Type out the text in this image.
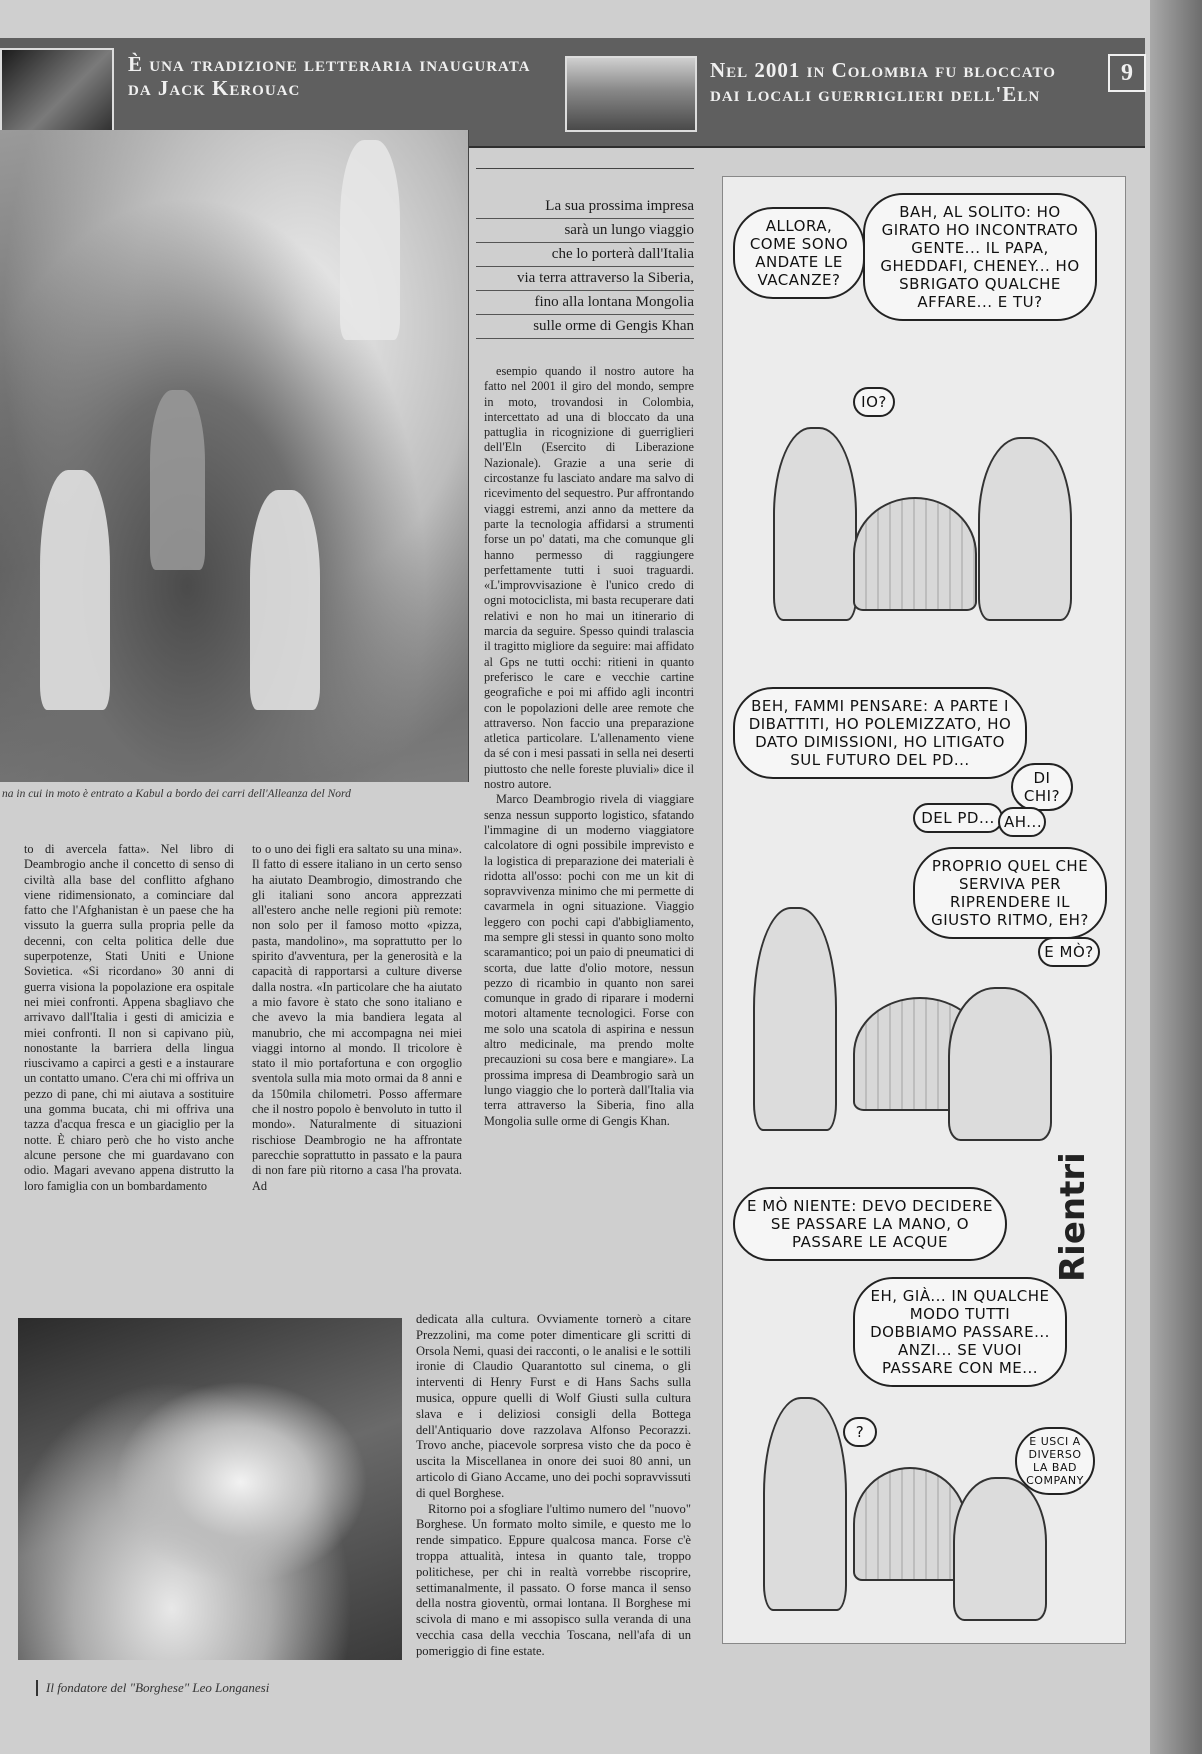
È una tradizione letteraria inaugurata da Jack Kerouac
Nel 2001 in Colombia fu bloccato dai locali guerriglieri dell'Eln
9
na in cui in moto è entrato a Kabul a bordo dei carri dell'Alleanza del Nord
La sua prossima impresa
sarà un lungo viaggio
che lo porterà dall'Italia
via terra attraverso la Siberia,
fino alla lontana Mongolia
sulle orme di Gengis Khan

esempio quando il nostro autore ha fatto nel 2001 il giro del mondo, sempre in moto, trovandosi in Colombia, intercettato ad una di bloccato da una pattuglia in ricognizione di guerriglieri dell'Eln (Esercito di Liberazione Nazionale). Grazie a una serie di circostanze fu lasciato andare ma salvo di ricevimento del sequestro. Pur affrontando viaggi estremi, anzi anno da mettere da parte la tecnologia affidarsi a strumenti forse un po' datati, ma che comunque gli hanno permesso di raggiungere perfettamente tutti i suoi traguardi. «L'improvvisazione è l'unico credo di ogni motociclista, mi basta recuperare dati relativi e non ho mai un itinerario di marcia da seguire. Spesso quindi tralascia il tragitto migliore da seguire: mai affidato al Gps ne tutti occhi: ritieni in quanto preferisco le care e vecchie cartine geografiche e poi mi affido agli incontri con le popolazioni delle aree remote che attraverso. Non faccio una preparazione atletica particolare. L'allenamento viene da sé con i mesi passati in sella nei deserti piuttosto che nelle foreste pluviali» dice il nostro autore.

Marco Deambrogio rivela di viaggiare senza nessun supporto logistico, sfatando l'immagine di un moderno viaggiatore calcolatore di ogni possibile imprevisto e la logistica di preparazione dei materiali è ridotta all'osso: pochi con me un kit di sopravvivenza minimo che mi permette di cavarmela in ogni situazione. Viaggio leggero con pochi capi d'abbigliamento, ma sempre gli stessi in quanto sono molto scaramantico; poi un paio di pneumatici di scorta, due latte d'olio motore, nessun pezzo di ricambio in quanto non sarei comunque in grado di riparare i moderni motori altamente tecnologici. Forse con me solo una scatola di aspirina e nessun altro medicinale, ma prendo molte precauzioni su cosa bere e mangiare». La prossima impresa di Deambrogio sarà un lungo viaggio che lo porterà dall'Italia via terra attraverso la Siberia, fino alla Mongolia sulle orme di Gengis Khan.

to di avercela fatta». Nel libro di Deambrogio anche il concetto di senso di civiltà alla base del conflitto afghano viene ridimensionato, a cominciare dal fatto che l'Afghanistan è un paese che ha vissuto la guerra sulla propria pelle da decenni, con celta politica delle due superpotenze, Stati Uniti e Unione Sovietica. «Si ricordano» 30 anni di guerra visiona la popolazione era ospitale nei miei confronti. Appena sbagliavo che arrivavo dall'Italia i gesti di amicizia e miei confronti. Il non si capivano più, nonostante la barriera della lingua riuscivamo a capirci a gesti e a instaurare un contatto umano. C'era chi mi offriva un pezzo di pane, chi mi aiutava a sostituire una gomma bucata, chi mi offriva una tazza d'acqua fresca e un giaciglio per la notte. È chiaro però che ho visto anche alcune persone che mi guardavano con odio. Magari avevano appena distrutto la loro famiglia con un bombardamento

to o uno dei figli era saltato su una mina». Il fatto di essere italiano in un certo senso ha aiutato Deambrogio, dimostrando che gli italiani sono ancora apprezzati all'estero anche nelle regioni più remote: non solo per il famoso motto «pizza, pasta, mandolino», ma soprattutto per lo spirito d'avventura, per la generosità e la capacità di rapportarsi a culture diverse dalla nostra. «In particolare che ha aiutato a mio favore è stato che sono italiano e che avevo la mia bandiera legata al manubrio, che mi accompagna nei miei viaggi intorno al mondo. Il tricolore è stato il mio portafortuna e con orgoglio sventola sulla mia moto ormai da 8 anni e da 150mila chilometri. Posso affermare che il nostro popolo è benvoluto in tutto il mondo». Naturalmente di situazioni rischiose Deambrogio ne ha affrontate parecchie soprattutto in passato e la paura di non fare più ritorno a casa l'ha provata. Ad

Il fondatore del "Borghese" Leo Longanesi

dedicata alla cultura. Ovviamente tornerò a citare Prezzolini, ma come poter dimenticare gli scritti di Orsola Nemi, quasi dei racconti, o le analisi e le sottili ironie di Claudio Quarantotto sul cinema, o gli interventi di Henry Furst e di Hans Sachs sulla musica, oppure quelli di Wolf Giusti sulla cultura slava e i deliziosi consigli della Bottega dell'Antiquario dove razzolava Alfonso Pecorazzi. Trovo anche, piacevole sorpresa visto che da poco è uscita la Miscellanea in onore dei suoi 80 anni, un articolo di Giano Accame, uno dei pochi sopravvissuti di quel Borghese.

Ritorno poi a sfogliare l'ultimo numero del "nuovo" Borghese. Un formato molto simile, e questo me lo rende simpatico. Eppure qualcosa manca. Forse c'è troppa attualità, intesa in quanto tale, troppo politichese, per chi in realtà vorrebbe riscoprire, settimanalmente, il passato. O forse manca il senso della nostra gioventù, ormai lontana. Il Borghese mi scivola di mano e mi assopisco sulla veranda di una vecchia casa della vecchia Toscana, nell'afa di un pomeriggio di fine estate.

ALLORA, COME SONO ANDATE LE VACANZE?
BAH, AL SOLITO: HO GIRATO HO INCONTRATO GENTE... IL PAPA, GHEDDAFI, CHENEY... HO SBRIGATO QUALCHE AFFARE... E TU?
IO?
BEH, FAMMI PENSARE: A PARTE I DIBATTITI, HO POLEMIZZATO, HO DATO DIMISSIONI, HO LITIGATO SUL FUTURO DEL PD...
DI CHI?
DEL PD... AH...
PROPRIO QUEL CHE SERVIVA PER RIPRENDERE IL GIUSTO RITMO, EH?
E MÒ?
E MÒ NIENTE: DEVO DECIDERE SE PASSARE LA MANO, O PASSARE LE ACQUE
EH, GIÀ... IN QUALCHE MODO TUTTI DOBBIAMO PASSARE... ANZI... SE VUOI PASSARE CON ME...
?
E USCI A DIVERSO LA BAD COMPANY
Rientri
